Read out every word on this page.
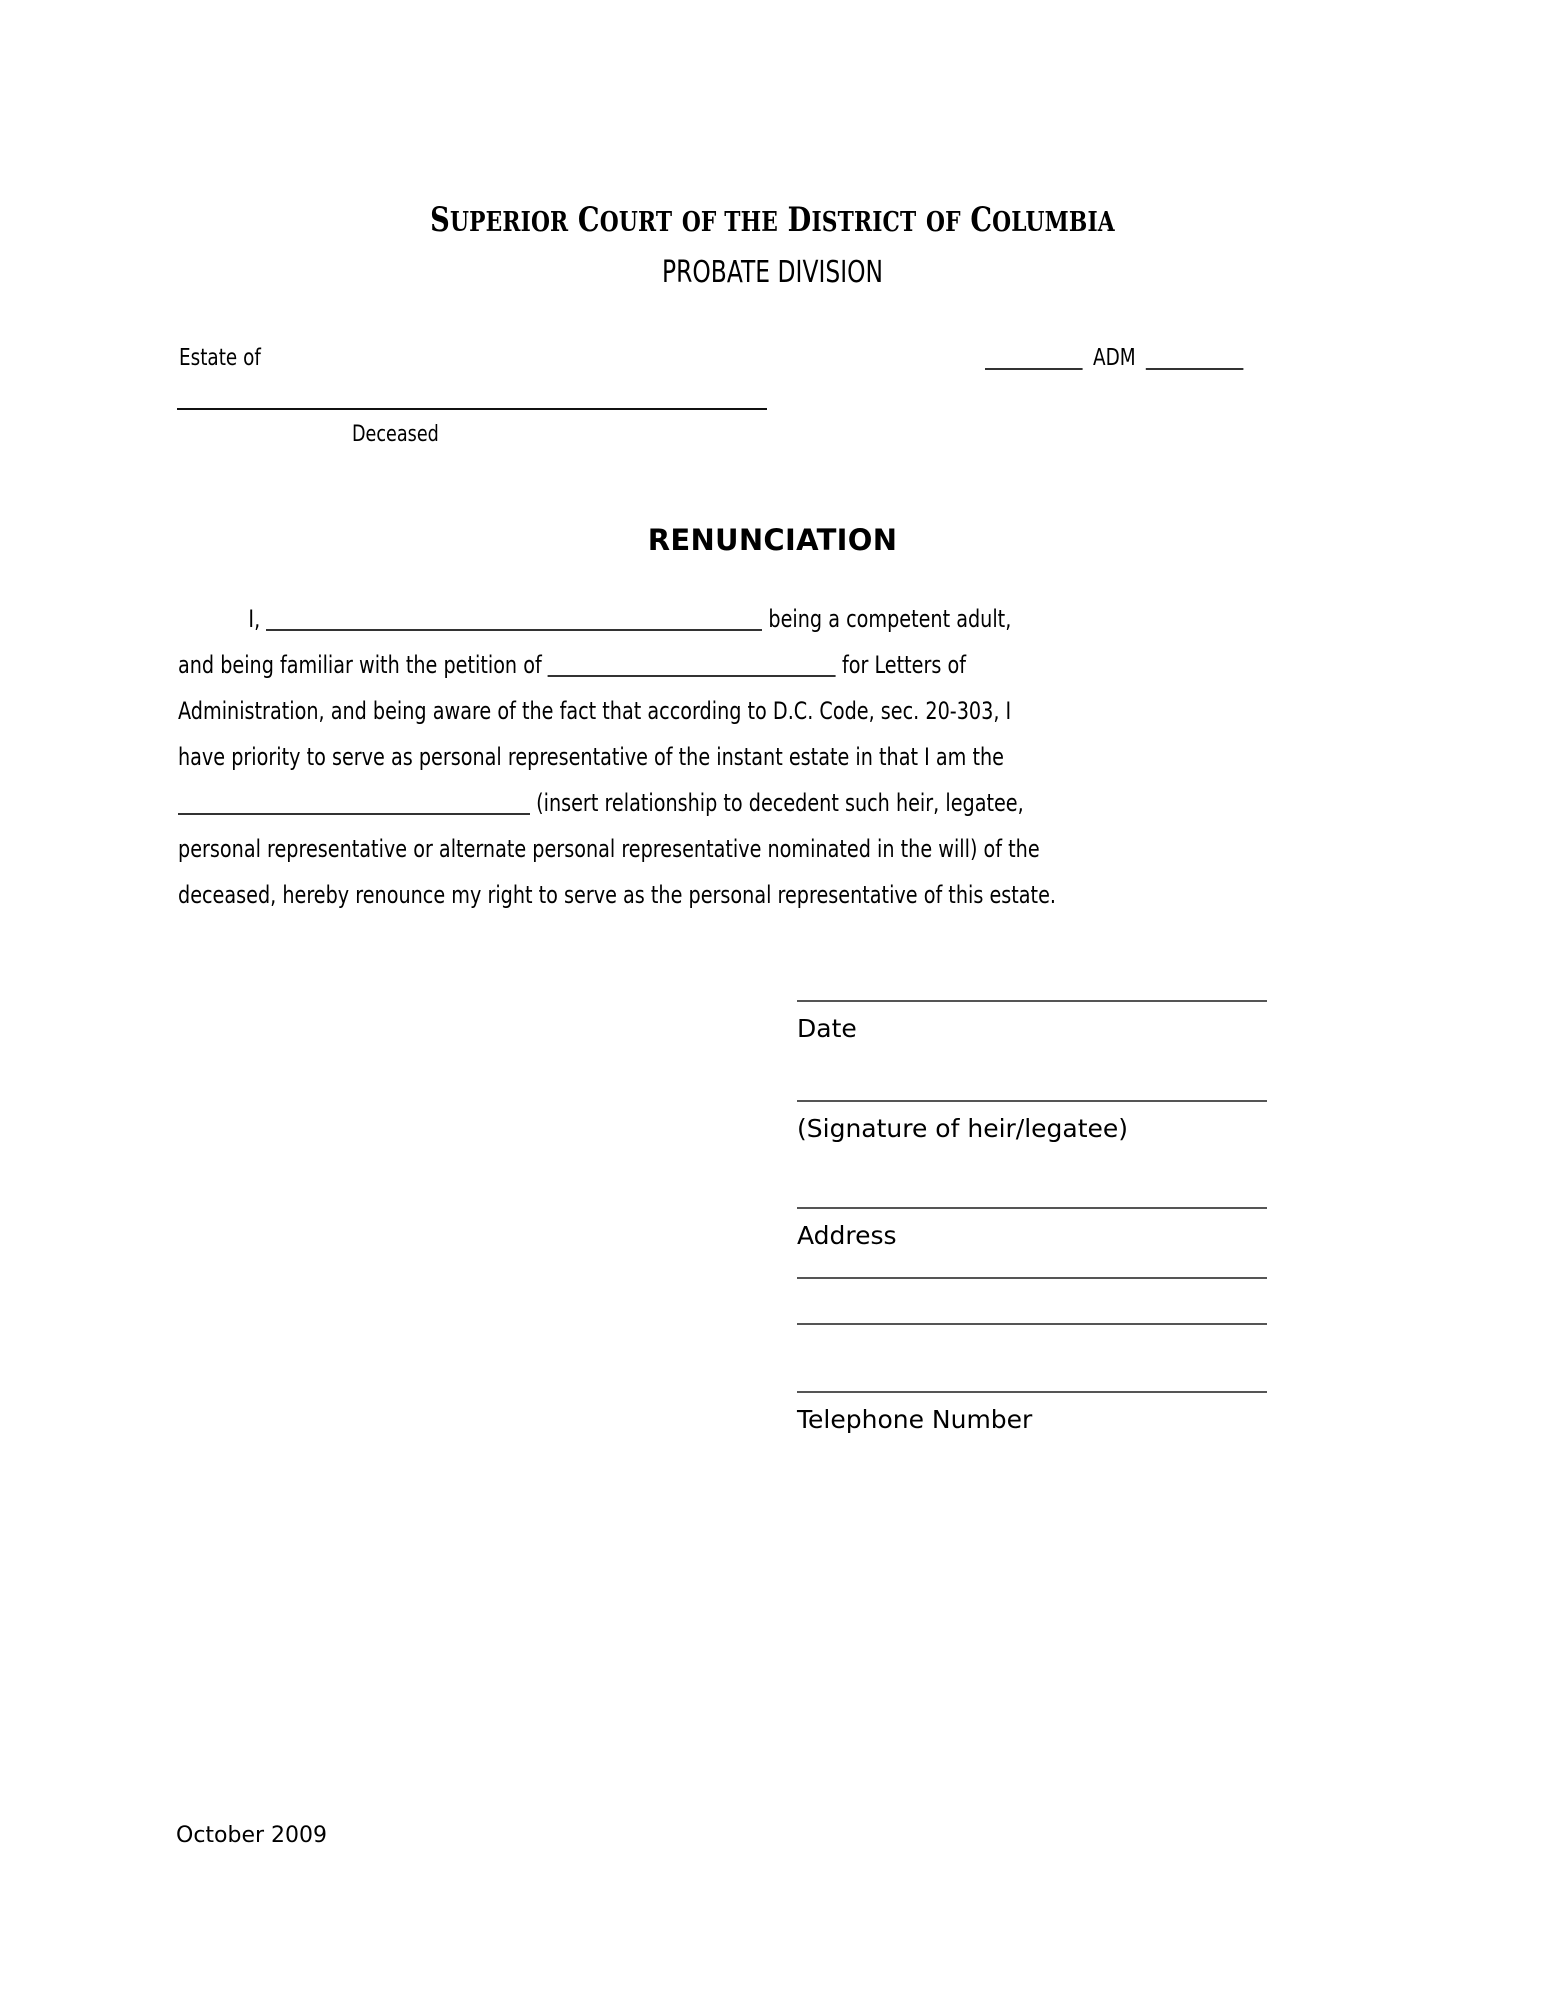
SUPERIOR COURT OF THE DISTRICT OF COLUMBIA
PROBATE DIVISION
Estate of	ADM
Deceased
RENUNCIATION
I,	being a competent adult,
and being familiar with the petition of	for Letters of
Administration, and being aware of the fact that according to D.C. Code, sec. 20-303, I
have priority to serve as personal representative of the instant estate in that I am the
(insert relationship to decedent such heir, legatee,
personal representative or alternate personal representative nominated in the will) of the
deceased, hereby renounce my right to serve as the personal representative of this estate.
Date
(Signature of heir/legatee)
Address
Telephone Number
October 2009
